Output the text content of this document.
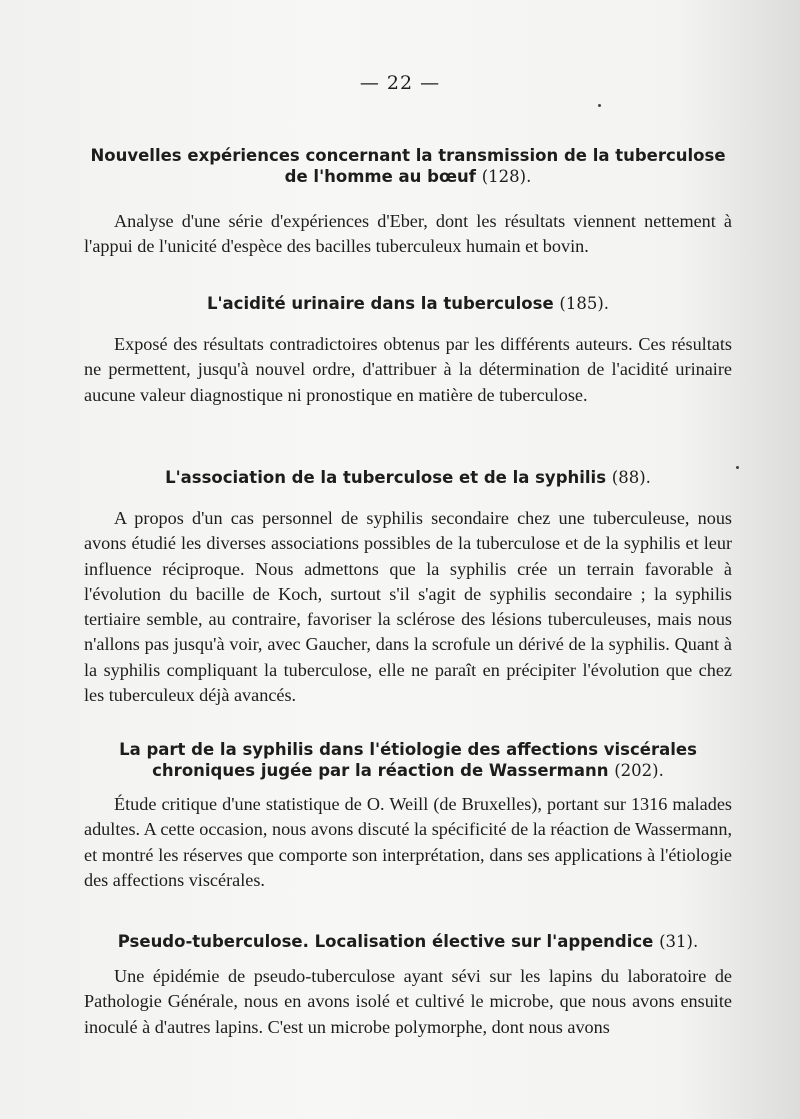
— 22 —

Nouvelles expériences concernant la transmission de la tuberculose
de l'homme au bœuf (128).

Analyse d'une série d'expériences d'Eber, dont les résultats viennent nettement à l'appui de l'unicité d'espèce des bacilles tuberculeux humain et bovin.

L'acidité urinaire dans la tuberculose (185).

Exposé des résultats contradictoires obtenus par les différents auteurs. Ces résultats ne permettent, jusqu'à nouvel ordre, d'attribuer à la détermination de l'acidité urinaire aucune valeur diagnostique ni pronostique en matière de tuberculose.

L'association de la tuberculose et de la syphilis (88).

A propos d'un cas personnel de syphilis secondaire chez une tuberculeuse, nous avons étudié les diverses associations possibles de la tuberculose et de la syphilis et leur influence réciproque. Nous admettons que la syphilis crée un terrain favorable à l'évolution du bacille de Koch, surtout s'il s'agit de syphilis secondaire ; la syphilis tertiaire semble, au contraire, favoriser la sclérose des lésions tuberculeuses, mais nous n'allons pas jusqu'à voir, avec Gaucher, dans la scrofule un dérivé de la syphilis. Quant à la syphilis compliquant la tuberculose, elle ne paraît en précipiter l'évolution que chez les tuberculeux déjà avancés.

La part de la syphilis dans l'étiologie des affections viscérales
chroniques jugée par la réaction de Wassermann (202).

Étude critique d'une statistique de O. Weill (de Bruxelles), portant sur 1316 malades adultes. A cette occasion, nous avons discuté la spécificité de la réaction de Wassermann, et montré les réserves que comporte son interprétation, dans ses applications à l'étiologie des affections viscérales.

Pseudo-tuberculose. Localisation élective sur l'appendice (31).

Une épidémie de pseudo-tuberculose ayant sévi sur les lapins du laboratoire de Pathologie Générale, nous en avons isolé et cultivé le microbe, que nous avons ensuite inoculé à d'autres lapins. C'est un microbe polymorphe, dont nous avons
